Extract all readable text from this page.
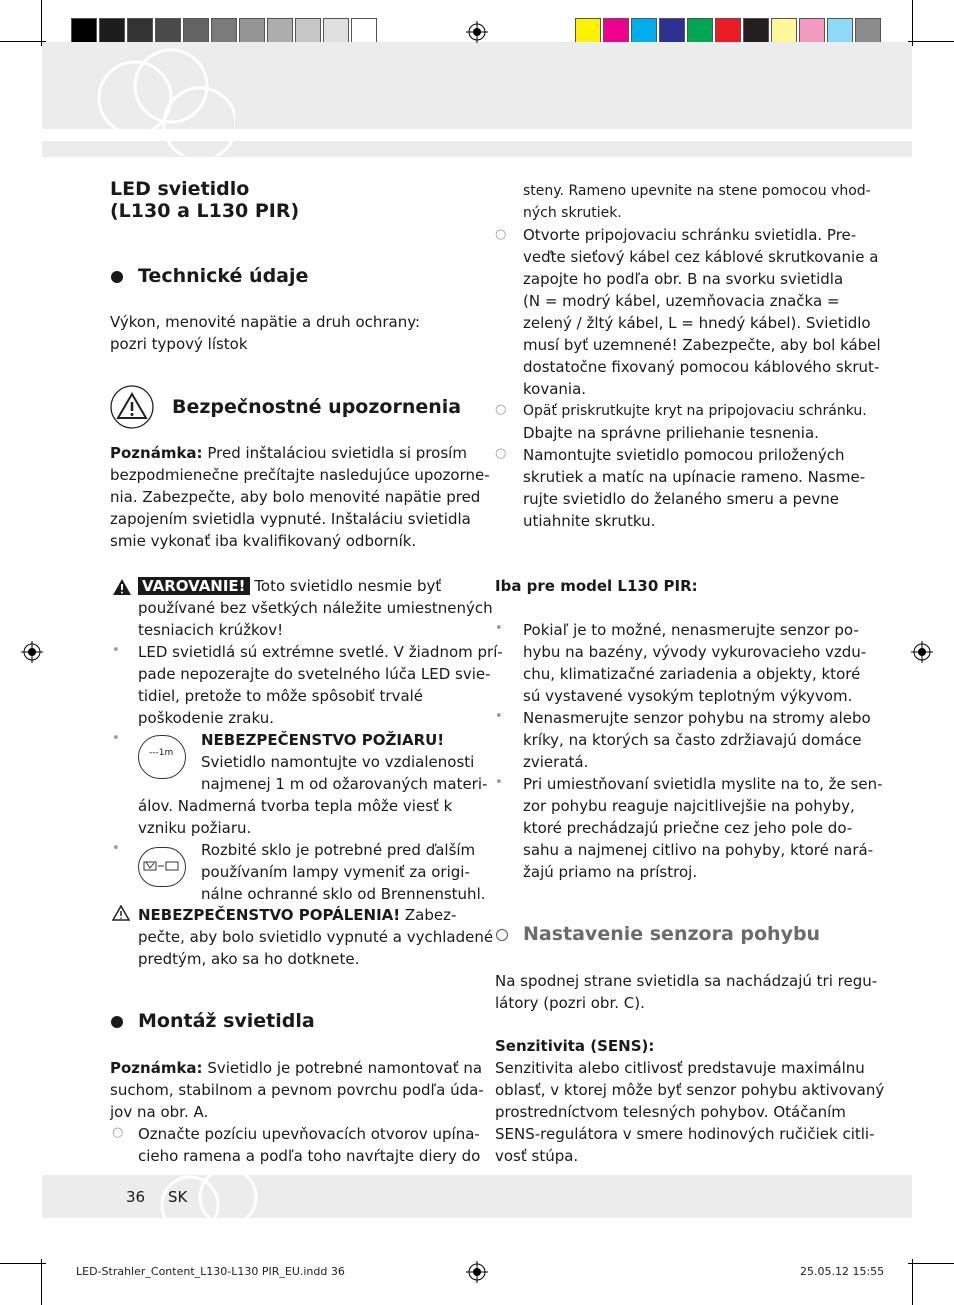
LED svietidlo
(L130 a L130 PIR)
Technické údaje
Výkon, menovité napätie a druh ochrany:
pozri typový lístok
Bezpečnostné upozornenia
Poznámka: Pred inštaláciou svietidla si prosím
bezpodmienečne prečítajte nasledujúce upozorne-
nia. Zabezpečte, aby bolo menovité napätie pred
zapojením svietidla vypnuté. Inštaláciu svietidla
smie vykonať iba kvalifikovaný odborník.
VAROVANIE! Toto svietidlo nesmie byť
používané bez všetkých náležite umiestnených
tesniacich krúžkov!
• LED svietidlá sú extrémne svetlé. V žiadnom prí-
pade nepozerajte do svetelného lúča LED svie-
tidiel, pretože to môže spôsobiť trvalé
poškodenie zraku.
•
---1m
NEBEZPEČENSTVO POŽIARU!
Svietidlo namontujte vo vzdialenosti
najmenej 1 m od ožarovaných materi-
álov. Nadmerná tvorba tepla môže viesť k
vzniku požiaru.
•	Rozbité sklo je potrebné pred ďalším
používaním lampy vymeniť za origi-
nálne ochranné sklo od Brennenstuhl.
NEBEZPEČENSTVO POPÁLENIA! Zabez-
pečte, aby bolo svietidlo vypnuté a vychladené
predtým, ako sa ho dotknete.
Montáž svietidla
Poznámka: Svietidlo je potrebné namontovať na
suchom, stabilnom a pevnom povrchu podľa úda-
jov na obr. A.
○ Označte pozíciu upevňovacích otvorov upína-
cieho ramena a podľa toho navŕtajte diery do
steny. Rameno upevnite na stene pomocou vhod-
ných skrutiek.
○ Otvorte pripojovaciu schránku svietidla. Pre-
veďte sieťový kábel cez káblové skrutkovanie a
zapojte ho podľa obr. B na svorku svietidla
(N = modrý kábel, uzemňovacia značka =
zelený / žltý kábel, L = hnedý kábel). Svietidlo
musí byť uzemnené! Zabezpečte, aby bol kábel
dostatočne fixovaný pomocou káblového skrut-
kovania.
○ Opäť priskrutkujte kryt na pripojovaciu schránku.
Dbajte na správne priliehanie tesnenia.
○ Namontujte svietidlo pomocou priložených
skrutiek a matíc na upínacie rameno. Nasme-
rujte svietidlo do želaného smeru a pevne
utiahnite skrutku.
Iba pre model L130 PIR:
• Pokiaľ je to možné, nenasmerujte senzor po-
hybu na bazény, vývody vykurovacieho vzdu-
chu, klimatizačné zariadenia a objekty, ktoré
sú vystavené vysokým teplotným výkyvom.
• Nenasmerujte senzor pohybu na stromy alebo
kríky, na ktorých sa často zdržiavajú domáce
zvieratá.
• Pri umiestňovaní svietidla myslite na to, že sen-
zor pohybu reaguje najcitlivejšie na pohyby,
ktoré prechádzajú priečne cez jeho pole do-
sahu a najmenej citlivo na pohyby, ktoré nará-
žajú priamo na prístroj.
Nastavenie senzora pohybu
Na spodnej strane svietidla sa nachádzajú tri regu-
látory (pozri obr. C).
Senzitivita (SENS):
Senzitivita alebo citlivosť predstavuje maximálnu
oblasť, v ktorej môže byť senzor pohybu aktivovaný
prostredníctvom telesných pohybov. Otáčaním
SENS-regulátora v smere hodinových ručičiek citli-
vosť stúpa.
36 SK
LED-Strahler_Content_L130-L130 PIR_EU.indd 36	25.05.12 15:55
